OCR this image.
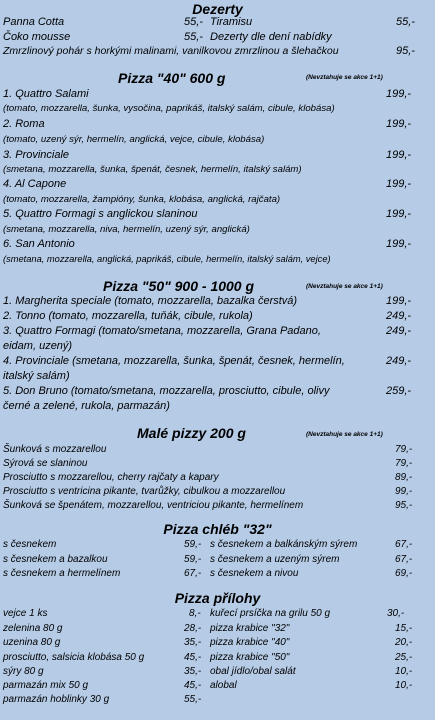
Dezerty
Panna Cotta	55,- Tiramisu	55,-
Čoko mousse	55,- Dezerty dle dení nabídky
Zmrzlinový pohár s horkými malinami, vanilkovou zmrzlinou a šlehačkou	95,-
Pizza "40" 600 g	(Nevztahuje se akce 1+1)
1. Quattro Salami	199,-
(tomato, mozzarella, šunka, vysočina, paprikáš, italský salám, cibule, klobása)
2. Roma	199,-
(tomato, uzený sýr, hermelín, anglická, vejce, cibule, klobása)
3. Provinciale	199,-
(smetana, mozzarella, šunka, špenát, česnek, hermelín, italský salám)
4. Al Capone	199,-
(tomato, mozzarella, žampióny, šunka, klobása, anglická, rajčata)
5. Quattro Formagi s anglickou slaninou	199,-
(smetana, mozzarella, niva, hermelín, uzený sýr, anglická)
6. San Antonio	199,-
(smetana, mozzarella, anglická, paprikáš, cibule, hermelín, italský salám, vejce)
Pizza "50" 900 - 1000 g	(Nevztahuje se akce 1+1)
1. Margherita speciale (tomato, mozzarella, bazalka čerstvá)	199,-
2. Tonno (tomato, mozzarella, tuňák, cibule, rukola)	249,-
3. Quattro Formagi (tomato/smetana, mozzarella, Grana Padano,	249,-
eidam, uzený)
4. Provinciale (smetana, mozzarella, šunka, špenát, česnek, hermelín,	249,-
italský salám)
5. Don Bruno (tomato/smetana, mozzarella, prosciutto, cibule, olivy	259,-
černé a zelené, rukola, parmazán)
Malé pizzy 200 g	(Nevztahuje se akce 1+1)
Šunková s mozzarellou	79,-
Sýrová se slaninou	79,-
Prosciutto s mozzarellou, cherry rajčaty a kapary	89,-
Prosciutto s ventricina pikante, tvarůžky, cibulkou a mozzarellou	99,-
Šunková se špenátem, mozzarellou, ventriciou pikante, hermelínem	95,-
Pizza chléb "32"
s česnekem	59,- s česnekem a balkánským sýrem	67,-
s česnekem a bazalkou	59,- s česnekem a uzeným sýrem	67,-
s česnekem a hermelínem	67,- s česnekem a nivou	69,-
Pizza přílohy
vejce 1 ks	8,- kuřecí prsíčka na grilu 50 g	30,-
zelenina 80 g	28,- pizza krabice "32"	15,-
uzenina 80 g	35,- pizza krabice "40"	20,-
prosciutto, salsicia klobása 50 g	45,- pizza krabice "50"	25,-
sýry 80 g	35,- obal jídlo/obal salát	10,-
parmazán mix 50 g	45,- alobal	10,-
parmazán hoblinky 30 g	55,-
